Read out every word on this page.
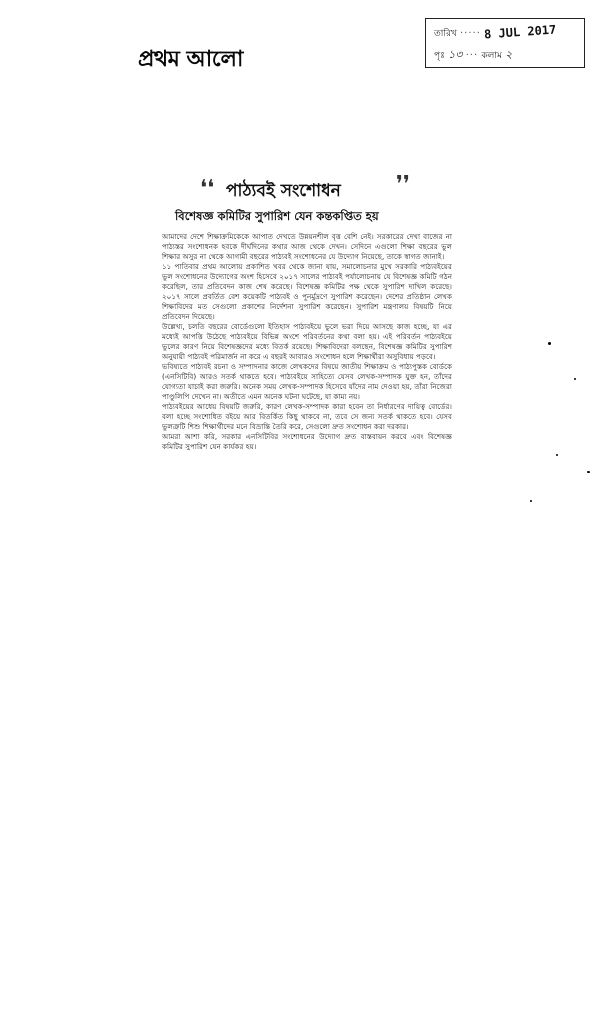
প্রথম আলো
তারিখ ····· 8 JUL 2017
পৃঃ ১৩ ··· কলাম ২
❛❛ পাঠ্যবই সংশোধন	❜❜
বিশেষজ্ঞ কমিটির সুপারিশ যেন কন্তকপ্তিত হয়

আমাদের দেশে শিক্ষাক্রমিকেকে আপাত দেখতে উন্নয়নশীল বৃত্ত বেশি নেই। সরকারের দেখা বাজের না পাঠ্যস্তর সংশোধনক হবকে দীর্ঘদিনের কথার আজ থেকে দেখন। সেদিনে এগুলো শিক্ষা বছরের ভুল শিক্ষার অসুর না থেকে আগামী বছরের পাঠ্যবই সংশোধনের যে উদ্যোগ নিয়েছে, তাকে স্বাগত জানাই।

১১ পাতিবার প্রথম আলোয় প্রকাশিত খবর থেকে জানা যায়, সমালোচনার মুখে সরকারি পাঠ্যবইয়ের ভুল সংশোধনের উদ্যোগের অংশ হিসেবে ২০১৭ সালের পাঠ্যবই পর্যালোচনায় যে বিশেষজ্ঞ কমিটি গঠন করেছিল, তার প্রতিবেদন কাজ শেষ করেছে। বিশেষজ্ঞ কমিটির পক্ষ থেকে সুপারিশ দাখিল করেছে। ২০১৭ সালে প্রবর্তিত বেশ কয়েকটি পাঠ্যবই ও পুনর্মুদ্রণে সুপারিশ করেছেন। দেশের প্রতিষ্ঠান লেখক শিক্ষাবিদের মত সেগুলো প্রকাশের নির্দেশনা সুপারিশ করেছেন। সুপারিশ মন্ত্রণালয় বিষয়টি নিয়ে প্রতিবেদন দিয়েছে।

উল্লেখ্য, চলতি বছরের বোর্ডেগুলো ইতিহাস পাঠ্যবইয়ে ভুলে ভরা দিয়ে আসছে কাজ হচ্ছে, যা এর মধ্যেই আপত্তি উঠেছে পাঠ্যবইয়ে বিভিন্ন অংশে পরিবর্তনের কথা বলা হয়। এই পরিবর্তন পাঠ্যবইয়ে ভুলের কারণ নিয়ে বিশেষজ্ঞদের মধ্যে বিতর্ক রয়েছে। শিক্ষাবিদেরা বলছেন, বিশেষজ্ঞ কমিটির সুপারিশ অনুযায়ী পাঠ্যবই পরিমার্জন না করে এ বছরই আবারও সংশোধন হলে শিক্ষার্থীরা অসুবিধায় পড়বে।

ভবিষ্যতে পাঠ্যবই রচনা ও সম্পাদনার কাজে লেখকদের বিষয়ে জাতীয় শিক্ষাক্রম ও পাঠ্যপুস্তক বোর্ডকে (এনসিটিবি) আরও সতর্ক থাকতে হবে। পাঠ্যবইয়ে সাহিত্যে যেসব লেখক-সম্পাদক যুক্ত হন, তাঁদের যোগ্যতা যাচাই করা জরুরি। অনেক সময় লেখক-সম্পাদক হিসেবে যাঁদের নাম দেওয়া হয়, তাঁরা নিজেরা পাণ্ডুলিপি দেখেন না। অতীতে এমন অনেক ঘটনা ঘটেছে, যা কাম্য নয়।

পাঠ্যবইয়ের আধেয় বিষয়টি জরুরি, কারণ লেখক-সম্পাদক কারা হবেন তা নির্ধারণের দায়িত্ব বোর্ডের। বলা হচ্ছে সংশোধিত বইয়ে আর বিতর্কিত কিছু থাকবে না, তবে সে জন্য সতর্ক থাকতে হবে। যেসব ভুলত্রুটি শিশু শিক্ষার্থীদের মনে বিভ্রান্তি তৈরি করে, সেগুলো দ্রুত সংশোধন করা দরকার।

আমরা আশা করি, সরকার এনসিটিবির সংশোধনের উদ্যোগ দ্রুত বাস্তবায়ন করবে এবং বিশেষজ্ঞ কমিটির সুপারিশ যেন কার্যকর হয়।
